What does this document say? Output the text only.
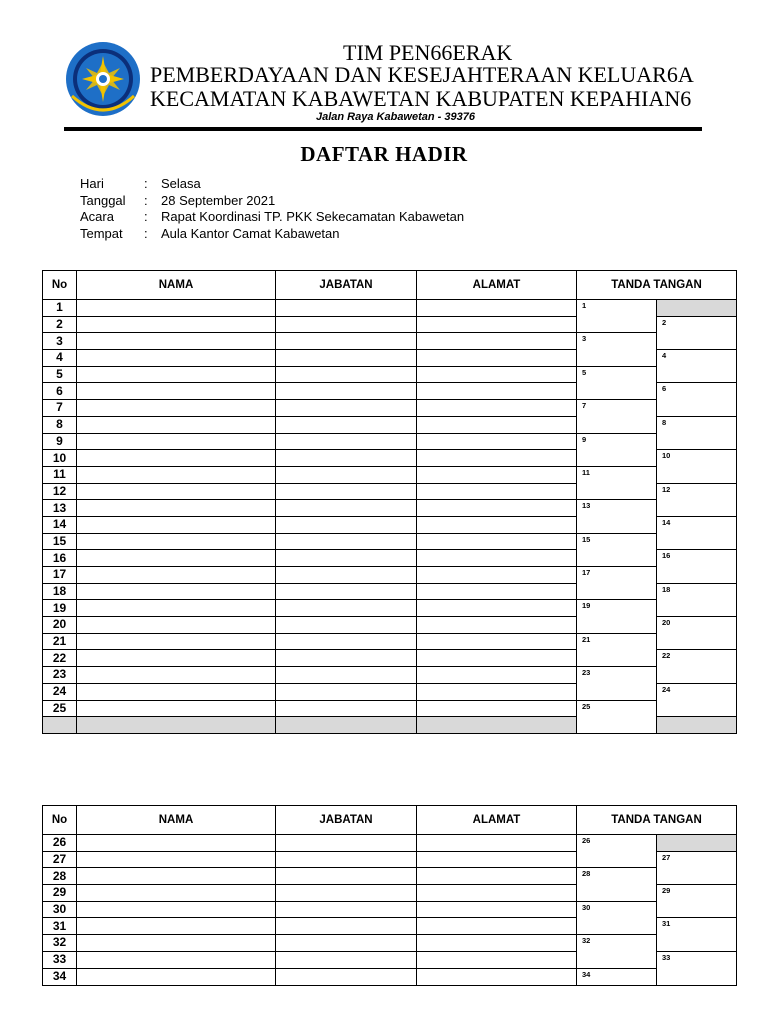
TIM PEN66ERAK
PEMBERDAYAAN DAN KESEJAHTERAAN KELUAR6A
KECAMATAN KABAWETAN KABUPATEN KEPAHIAN6
Jalan Raya Kabawetan - 39376
DAFTAR HADIR
Hari	: Selasa
Tanggal : 28 September 2021
Acara : Rapat Koordinasi TP. PKK Sekecamatan Kabawetan
Tempat : Aula Kantor Camat Kabawetan
No	NAMA	JABATAN	ALAMAT	TANDA TANGAN	
1				1	
2					2
3				3	
4					4
5				5	
6					6
7				7	
8					8
9				9	
10					10
11				11	
12					12
13				13	
14					14
15				15	
16					16
17				17	
18					18
19				19	
20					20
21				21	
22					22
23				23	
24					24
25				25	

No	NAMA	JABATAN	ALAMAT	TANDA TANGAN	
26				26	
27					27
28				28	
29					29
30				30	
31					31
32				32	
33					33
34				34	
